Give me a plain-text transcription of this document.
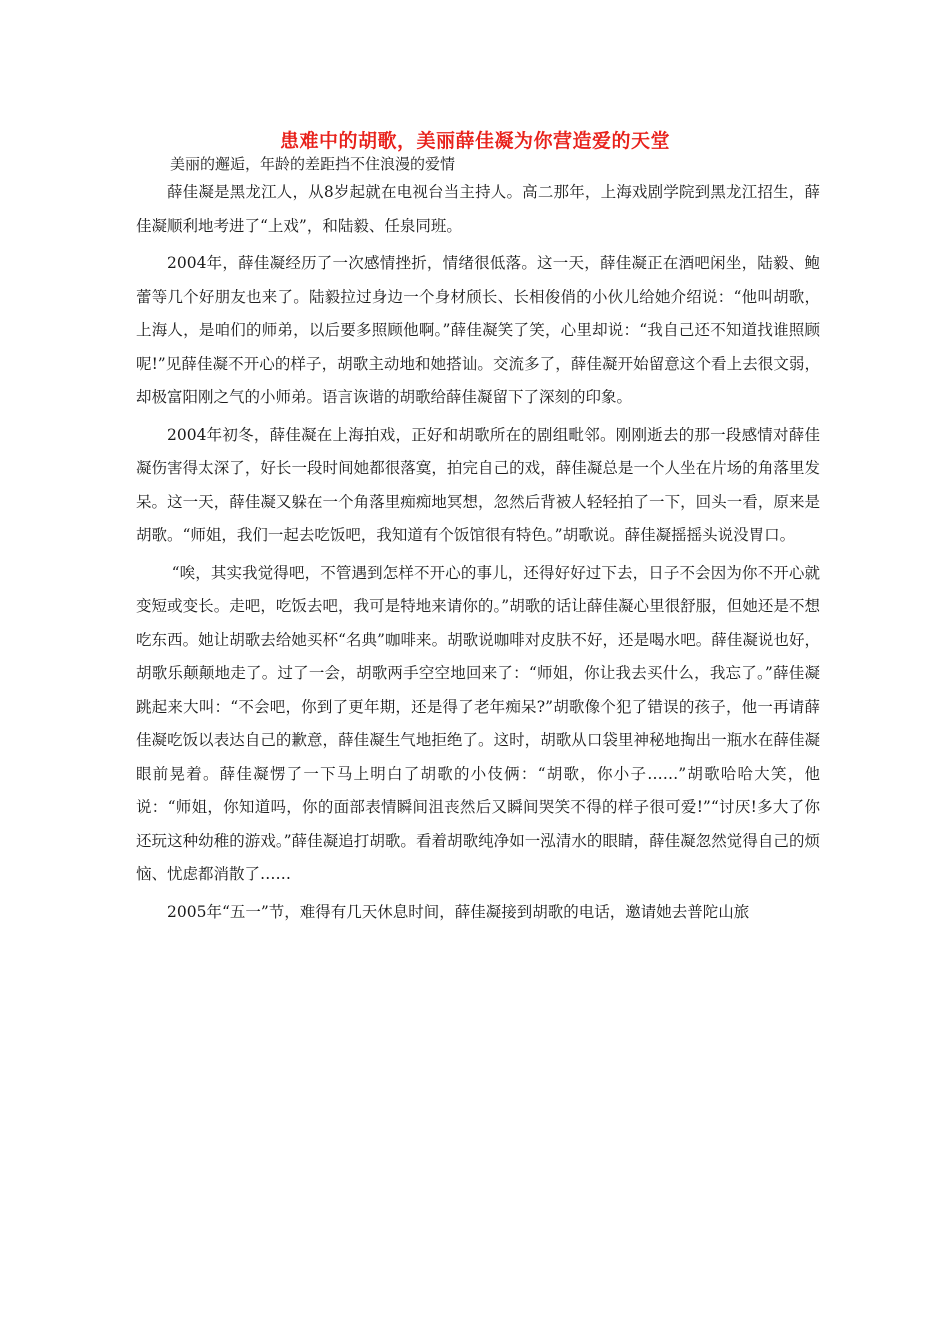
患难中的胡歌，美丽薛佳凝为你营造爱的天堂
美丽的邂逅，年龄的差距挡不住浪漫的爱情

薛佳凝是黑龙江人，从8岁起就在电视台当主持人。高二那年，上海戏剧学院到黑龙江招生，薛佳凝顺利地考进了“上戏”，和陆毅、任泉同班。

2004年，薛佳凝经历了一次感情挫折，情绪很低落。这一天，薛佳凝正在酒吧闲坐，陆毅、鲍蕾等几个好朋友也来了。陆毅拉过身边一个身材颀长、长相俊俏的小伙儿给她介绍说：“他叫胡歌，上海人，是咱们的师弟，以后要多照顾他啊。”薛佳凝笑了笑，心里却说：“我自己还不知道找谁照顾呢!”见薛佳凝不开心的样子，胡歌主动地和她搭讪。交流多了，薛佳凝开始留意这个看上去很文弱，却极富阳刚之气的小师弟。语言诙谐的胡歌给薛佳凝留下了深刻的印象。

2004年初冬，薛佳凝在上海拍戏，正好和胡歌所在的剧组毗邻。刚刚逝去的那一段感情对薛佳凝伤害得太深了，好长一段时间她都很落寞，拍完自己的戏，薛佳凝总是一个人坐在片场的角落里发呆。这一天，薛佳凝又躲在一个角落里痴痴地冥想，忽然后背被人轻轻拍了一下，回头一看，原来是胡歌。“师姐，我们一起去吃饭吧，我知道有个饭馆很有特色。”胡歌说。薛佳凝摇摇头说没胃口。

“唉，其实我觉得吧，不管遇到怎样不开心的事儿，还得好好过下去，日子不会因为你不开心就变短或变长。走吧，吃饭去吧，我可是特地来请你的。”胡歌的话让薛佳凝心里很舒服，但她还是不想吃东西。她让胡歌去给她买杯“名典”咖啡来。胡歌说咖啡对皮肤不好，还是喝水吧。薛佳凝说也好，胡歌乐颠颠地走了。过了一会，胡歌两手空空地回来了：“师姐，你让我去买什么，我忘了。”薛佳凝跳起来大叫：“不会吧，你到了更年期，还是得了老年痴呆?”胡歌像个犯了错误的孩子，他一再请薛佳凝吃饭以表达自己的歉意，薛佳凝生气地拒绝了。这时，胡歌从口袋里神秘地掏出一瓶水在薛佳凝眼前晃着。薛佳凝愣了一下马上明白了胡歌的小伎俩：“胡歌，你小子……”胡歌哈哈大笑，他说：“师姐，你知道吗，你的面部表情瞬间沮丧然后又瞬间哭笑不得的样子很可爱!”“讨厌!多大了你还玩这种幼稚的游戏。”薛佳凝追打胡歌。看着胡歌纯净如一泓清水的眼睛，薛佳凝忽然觉得自己的烦恼、忧虑都消散了……

2005年“五一”节，难得有几天休息时间，薛佳凝接到胡歌的电话，邀请她去普陀山旅
